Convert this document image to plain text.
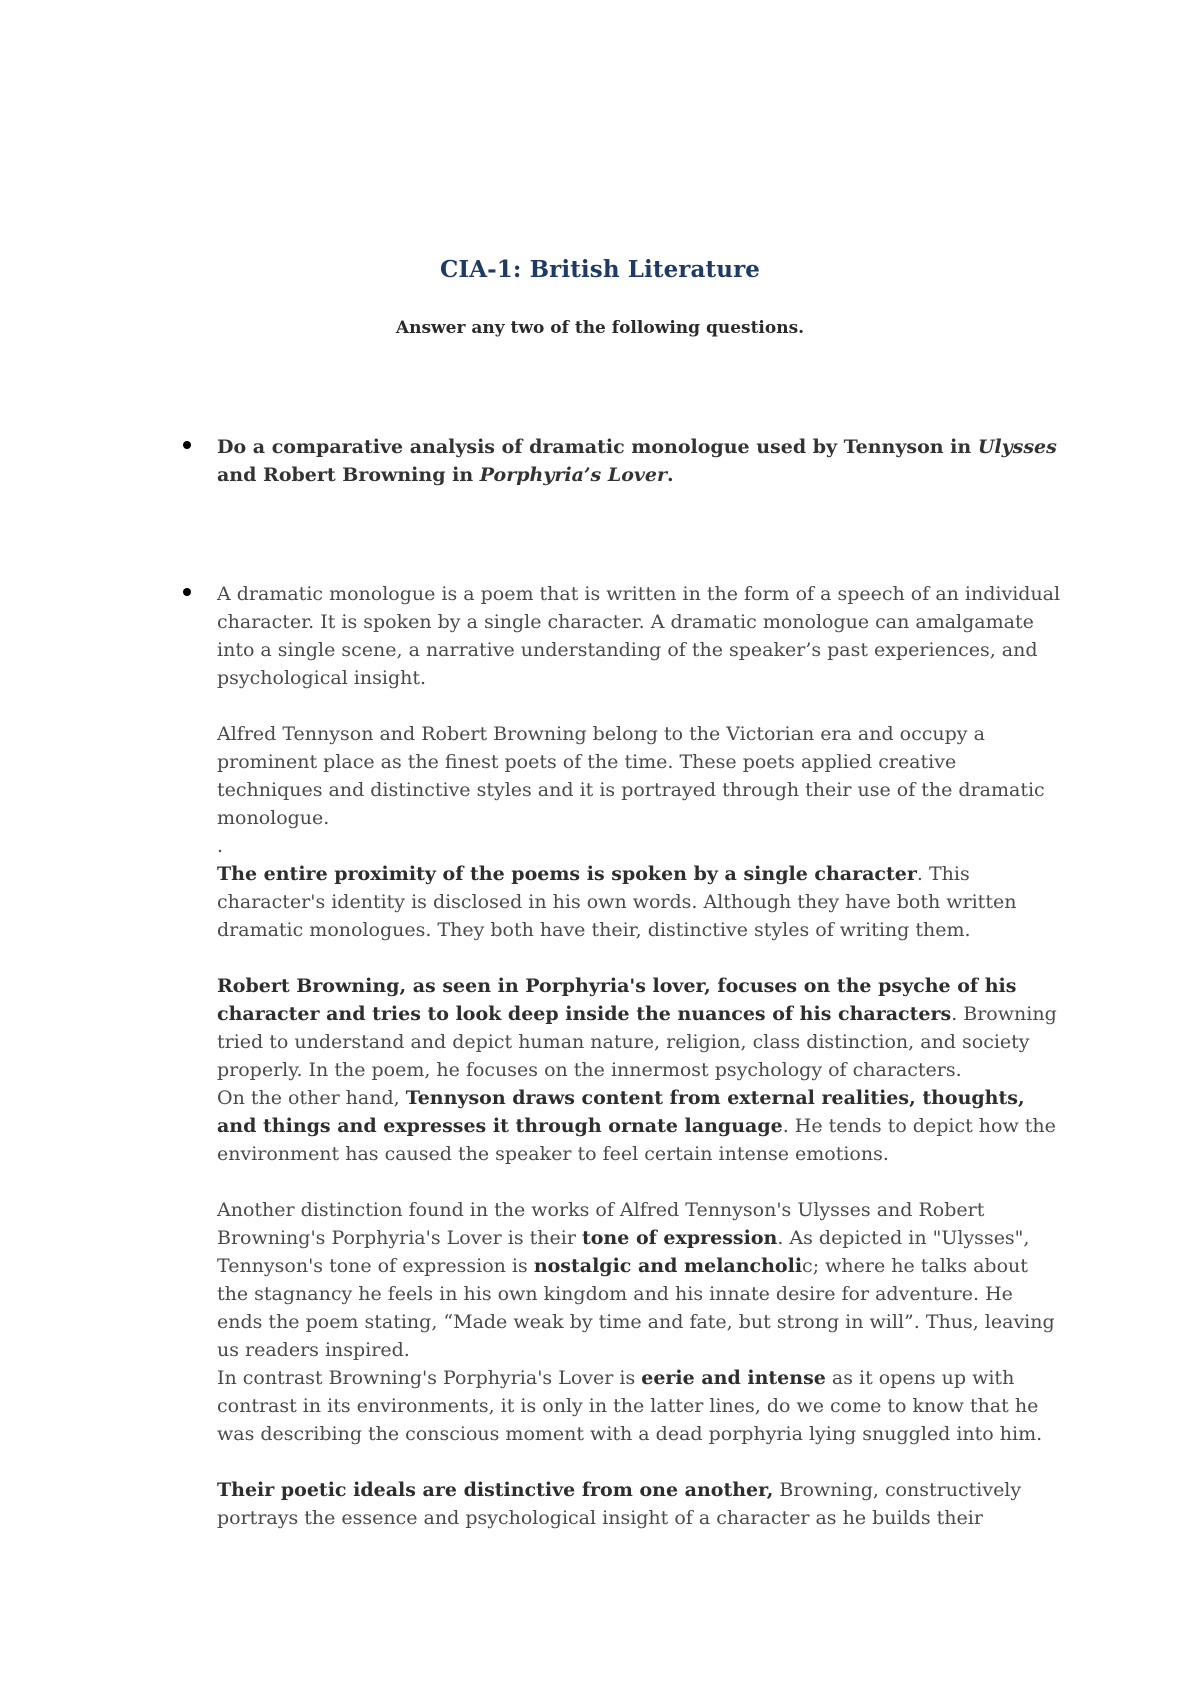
CIA-1: British Literature
Answer any two of the following questions.
Do a comparative analysis of dramatic monologue used by Tennyson in Ulysses and Robert Browning in Porphyria’s Lover.

A dramatic monologue is a poem that is written in the form of a speech of an individual character. It is spoken by a single character. A dramatic monologue can amalgamate into a single scene, a narrative understanding of the speaker’s past experiences, and psychological insight.

Alfred Tennyson and Robert Browning belong to the Victorian era and occupy a prominent place as the finest poets of the time. These poets applied creative techniques and distinctive styles and it is portrayed through their use of the dramatic monologue.

.

The entire proximity of the poems is spoken by a single character. This character's identity is disclosed in his own words. Although they have both written dramatic monologues. They both have their, distinctive styles of writing them.

Robert Browning, as seen in Porphyria's lover, focuses on the psyche of his character and tries to look deep inside the nuances of his characters. Browning tried to understand and depict human nature, religion, class distinction, and society properly. In the poem, he focuses on the innermost psychology of characters.

On the other hand, Tennyson draws content from external realities, thoughts, and things and expresses it through ornate language. He tends to depict how the environment has caused the speaker to feel certain intense emotions.

Another distinction found in the works of Alfred Tennyson's Ulysses and Robert Browning's Porphyria's Lover is their tone of expression. As depicted in "Ulysses", Tennyson's tone of expression is nostalgic and melancholic; where he talks about the stagnancy he feels in his own kingdom and his innate desire for adventure. He ends the poem stating, “Made weak by time and fate, but strong in will”. Thus, leaving us readers inspired.

In contrast Browning's Porphyria's Lover is eerie and intense as it opens up with contrast in its environments, it is only in the latter lines, do we come to know that he was describing the conscious moment with a dead porphyria lying snuggled into him.

Their poetic ideals are distinctive from one another, Browning, constructively portrays the essence and psychological insight of a character as he builds their
